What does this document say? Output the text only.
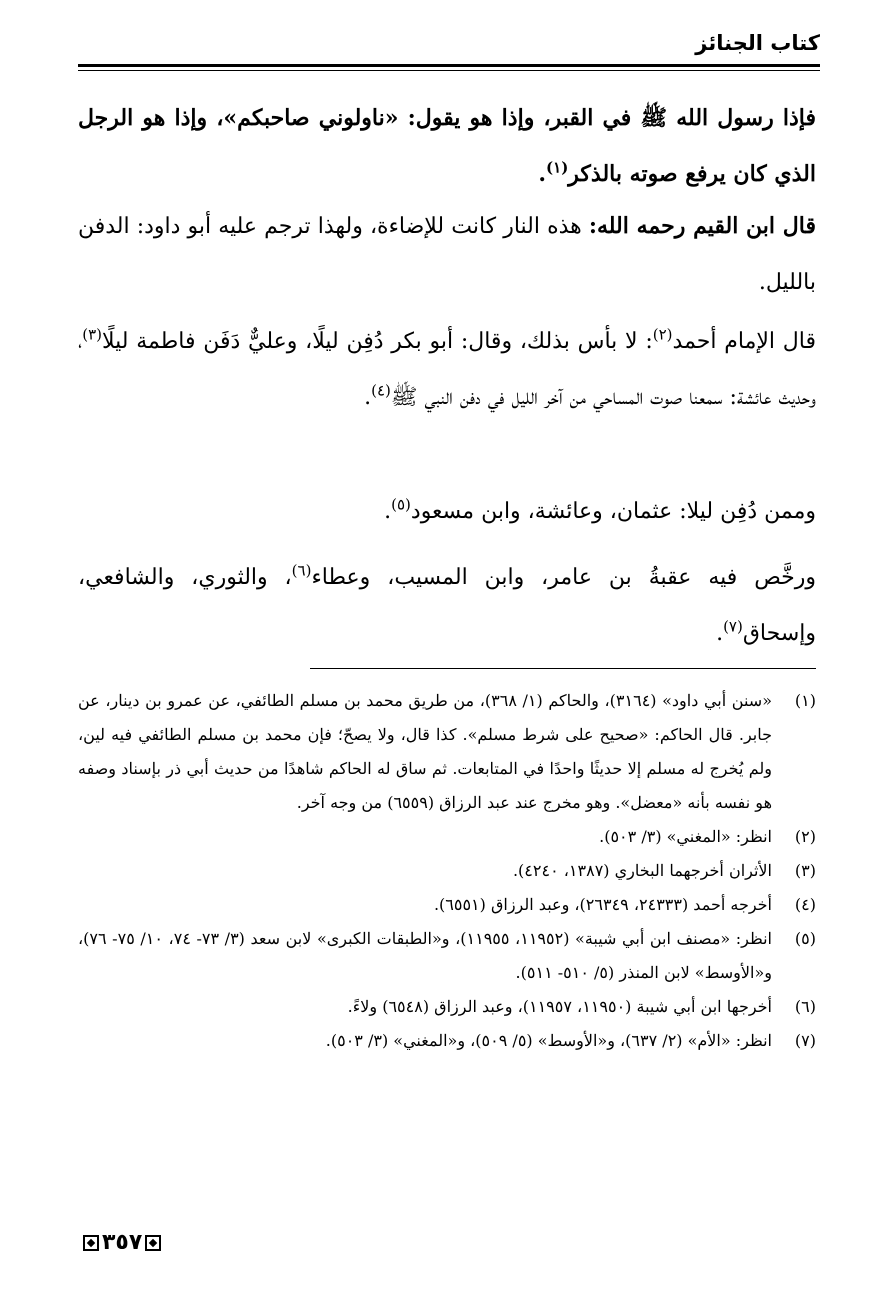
كتاب الجنائز

فإذا رسول الله ﷺ في القبر، وإذا هو يقول: «ناولوني صاحبكم»، وإذا هو الرجل الذي كان يرفع صوته بالذكر$^{(١)}$.

قال ابن القيم رحمه الله: هذه النار كانت للإضاءة، ولهذا ترجم عليه أبو داود: الدفن بالليل.

قال الإمام أحمد$^{(٢)}$: لا بأس بذلك، وقال: أبو بكر دُفِن ليلًا، وعليٌّ دَفَن فاطمة ليلًا$^{(٣)}$، وحديث عائشة: سمعنا صوت المساحي من آخر الليل في دفن النبي ﷺ$^{(٤)}$.

وممن دُفِن ليلا: عثمان، وعائشة، وابن مسعود$^{(٥)}$.

ورخَّص فيه عقبةُ بن عامر، وابن المسيب، وعطاء$^{(٦)}$، والثوري، والشافعي، وإسحاق$^{(٧)}$.

(١)
«سنن أبي داود» (٣١٦٤)، والحاكم (١/ ٣٦٨)، من طريق محمد بن مسلم الطائفي، عن عمرو بن دينار، عن جابر. قال الحاكم: «صحيح على شرط مسلم». كذا قال، ولا يصحّ؛ فإن محمد بن مسلم الطائفي فيه لين، ولم يُخرج له مسلم إلا حديثًا واحدًا في المتابعات. ثم ساق له الحاكم شاهدًا من حديث أبي ذر بإسناد وصفه هو نفسه بأنه «معضل». وهو مخرج عند عبد الرزاق (٦٥٥٩) من وجه آخر.
(٢)
انظر: «المغني» (٣/ ٥٠٣).
(٣)
الأثران أخرجهما البخاري (١٣٨٧، ٤٢٤٠).
(٤)
أخرجه أحمد (٢٤٣٣٣، ٢٦٣٤٩)، وعبد الرزاق (٦٥٥١).
(٥)
انظر: «مصنف ابن أبي شيبة» (١١٩٥٢، ١١٩٥٥)، و«الطبقات الكبرى» لابن سعد (٣/ ٧٣- ٧٤، ١٠/ ٧٥- ٧٦)، و«الأوسط» لابن المنذر (٥/ ٥١٠- ٥١١).
(٦)
أخرجها ابن أبي شيبة (١١٩٥٠، ١١٩٥٧)، وعبد الرزاق (٦٥٤٨) ولاءً.
(٧)
انظر: «الأم» (٢/ ٦٣٧)، و«الأوسط» (٥/ ٥٠٩)، و«المغني» (٣/ ٥٠٣).
٣٥٧
